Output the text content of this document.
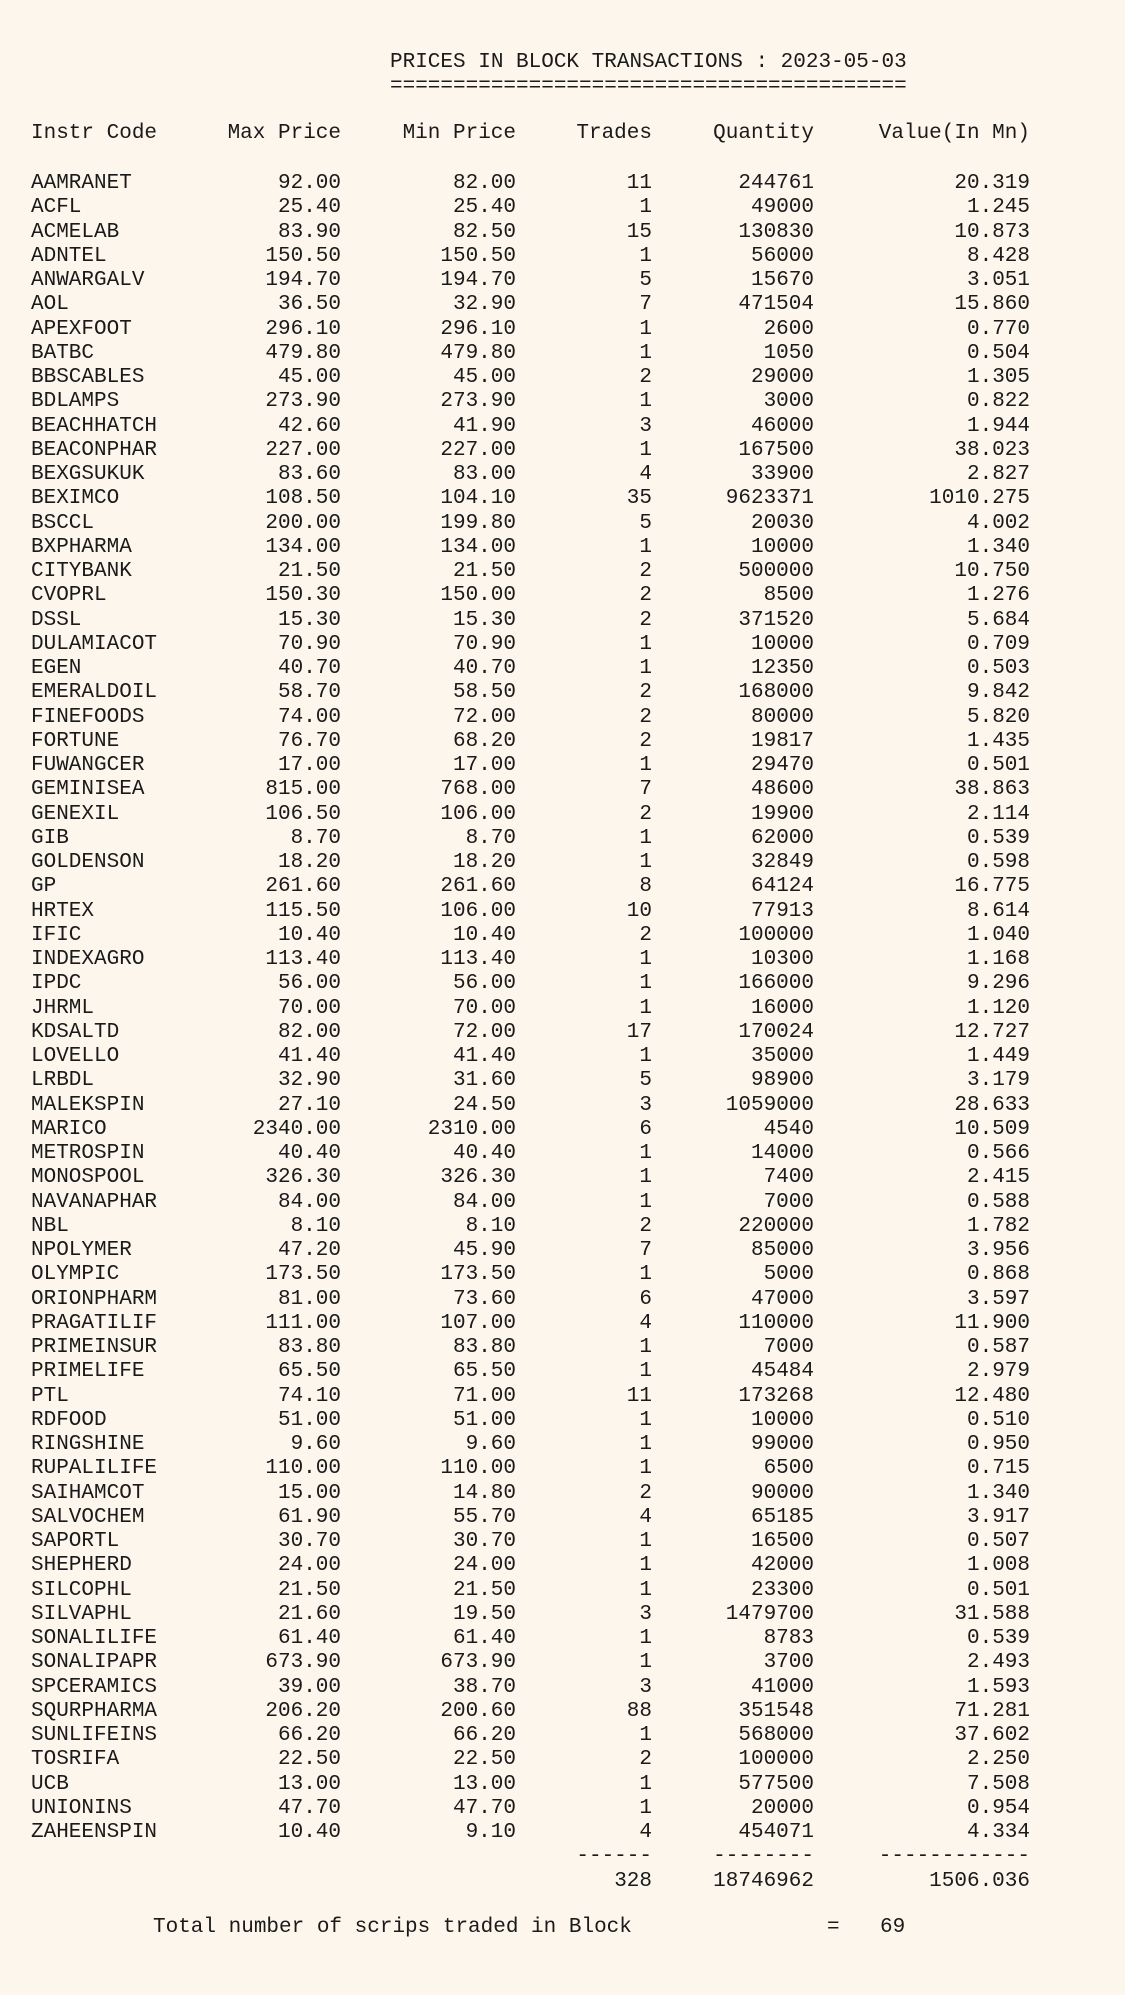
PRICES IN BLOCK TRANSACTIONS : 2023-05-03
=========================================
Instr Code	Max Price	Min Price	Trades	Quantity	Value(In Mn)
AAMRANET	92.00	82.00	11	244761	20.319
ACFL	25.40	25.40	1	49000	1.245
ACMELAB	83.90	82.50	15	130830	10.873
ADNTEL	150.50	150.50	1	56000	8.428
ANWARGALV	194.70	194.70	5	15670	3.051
AOL	36.50	32.90	7	471504	15.860
APEXFOOT	296.10	296.10	1	2600	0.770
BATBC	479.80	479.80	1	1050	0.504
BBSCABLES	45.00	45.00	2	29000	1.305
BDLAMPS	273.90	273.90	1	3000	0.822
BEACHHATCH	42.60	41.90	3	46000	1.944
BEACONPHAR	227.00	227.00	1	167500	38.023
BEXGSUKUK	83.60	83.00	4	33900	2.827
BEXIMCO	108.50	104.10	35	9623371	1010.275
BSCCL	200.00	199.80	5	20030	4.002
BXPHARMA	134.00	134.00	1	10000	1.340
CITYBANK	21.50	21.50	2	500000	10.750
CVOPRL	150.30	150.00	2	8500	1.276
DSSL	15.30	15.30	2	371520	5.684
DULAMIACOT	70.90	70.90	1	10000	0.709
EGEN	40.70	40.70	1	12350	0.503
EMERALDOIL	58.70	58.50	2	168000	9.842
FINEFOODS	74.00	72.00	2	80000	5.820
FORTUNE	76.70	68.20	2	19817	1.435
FUWANGCER	17.00	17.00	1	29470	0.501
GEMINISEA	815.00	768.00	7	48600	38.863
GENEXIL	106.50	106.00	2	19900	2.114
GIB	8.70	8.70	1	62000	0.539
GOLDENSON	18.20	18.20	1	32849	0.598
GP	261.60	261.60	8	64124	16.775
HRTEX	115.50	106.00	10	77913	8.614
IFIC	10.40	10.40	2	100000	1.040
INDEXAGRO	113.40	113.40	1	10300	1.168
IPDC	56.00	56.00	1	166000	9.296
JHRML	70.00	70.00	1	16000	1.120
KDSALTD	82.00	72.00	17	170024	12.727
LOVELLO	41.40	41.40	1	35000	1.449
LRBDL	32.90	31.60	5	98900	3.179
MALEKSPIN	27.10	24.50	3	1059000	28.633
MARICO	2340.00	2310.00	6	4540	10.509
METROSPIN	40.40	40.40	1	14000	0.566
MONOSPOOL	326.30	326.30	1	7400	2.415
NAVANAPHAR	84.00	84.00	1	7000	0.588
NBL	8.10	8.10	2	220000	1.782
NPOLYMER	47.20	45.90	7	85000	3.956
OLYMPIC	173.50	173.50	1	5000	0.868
ORIONPHARM	81.00	73.60	6	47000	3.597
PRAGATILIF	111.00	107.00	4	110000	11.900
PRIMEINSUR	83.80	83.80	1	7000	0.587
PRIMELIFE	65.50	65.50	1	45484	2.979
PTL	74.10	71.00	11	173268	12.480
RDFOOD	51.00	51.00	1	10000	0.510
RINGSHINE	9.60	9.60	1	99000	0.950
RUPALILIFE	110.00	110.00	1	6500	0.715
SAIHAMCOT	15.00	14.80	2	90000	1.340
SALVOCHEM	61.90	55.70	4	65185	3.917
SAPORTL	30.70	30.70	1	16500	0.507
SHEPHERD	24.00	24.00	1	42000	1.008
SILCOPHL	21.50	21.50	1	23300	0.501
SILVAPHL	21.60	19.50	3	1479700	31.588
SONALILIFE	61.40	61.40	1	8783	0.539
SONALIPAPR	673.90	673.90	1	3700	2.493
SPCERAMICS	39.00	38.70	3	41000	1.593
SQURPHARMA	206.20	200.60	88	351548	71.281
SUNLIFEINS	66.20	66.20	1	568000	37.602
TOSRIFA	22.50	22.50	2	100000	2.250
UCB	13.00	13.00	1	577500	7.508
UNIONINS	47.70	47.70	1	20000	0.954
ZAHEENSPIN	10.40	9.10	4	454071	4.334
------	--------	------------
328	18746962	1506.036
Total number of scrips traded in Block	= 69
